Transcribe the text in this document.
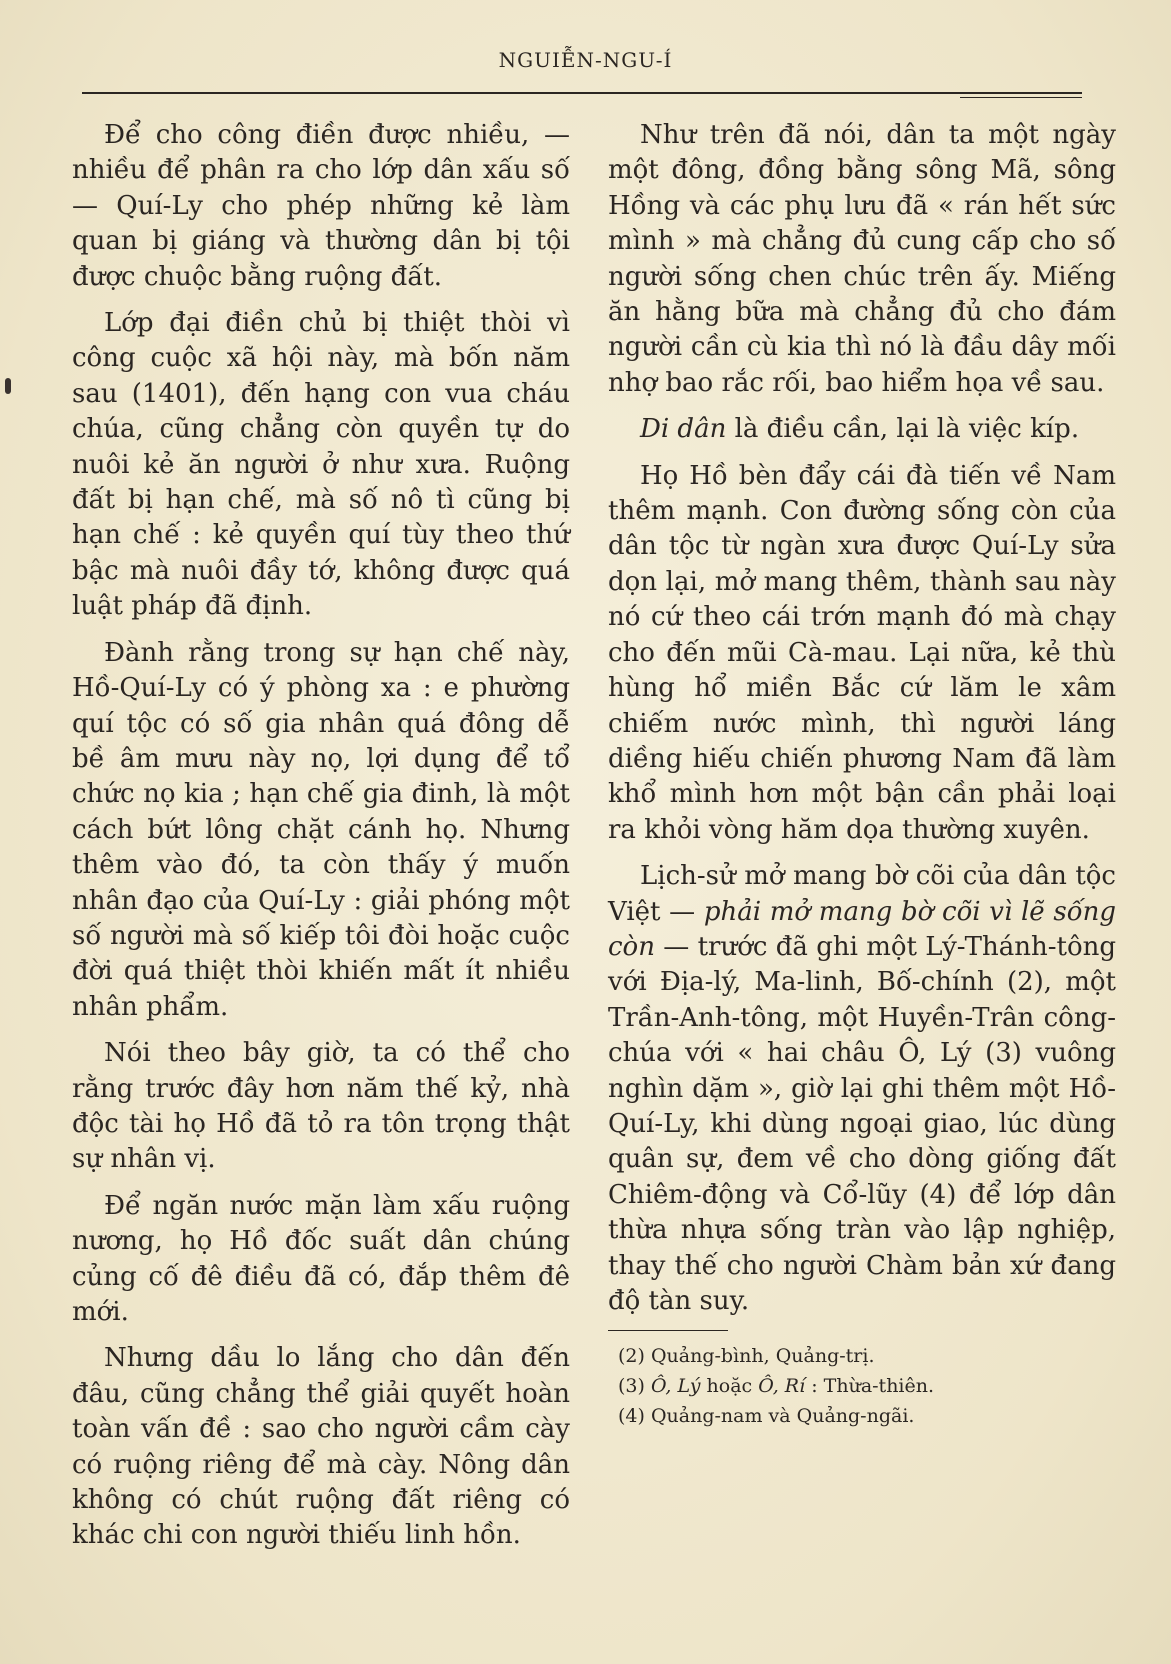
NGUIỄN-NGU-Í

Để cho công điền được nhiều, — nhiều để phân ra cho lớp dân xấu số — Quí-Ly cho phép những kẻ làm quan bị giáng và thường dân bị tội được chuộc bằng ruộng đất.

Lớp đại điền chủ bị thiệt thòi vì công cuộc xã hội này, mà bốn năm sau (1401), đến hạng con vua cháu chúa, cũng chẳng còn quyền tự do nuôi kẻ ăn người ở như xưa. Ruộng đất bị hạn chế, mà số nô tì cũng bị hạn chế : kẻ quyền quí tùy theo thứ bậc mà nuôi đầy tớ, không được quá luật pháp đã định.

Đành rằng trong sự hạn chế này, Hồ-Quí-Ly có ý phòng xa : e phường quí tộc có số gia nhân quá đông dễ bề âm mưu này nọ, lợi dụng để tổ chức nọ kia ; hạn chế gia đinh, là một cách bứt lông chặt cánh họ. Nhưng thêm vào đó, ta còn thấy ý muốn nhân đạo của Quí-Ly : giải phóng một số người mà số kiếp tôi đòi hoặc cuộc đời quá thiệt thòi khiến mất ít nhiều nhân phẩm.

Nói theo bây giờ, ta có thể cho rằng trước đây hơn năm thế kỷ, nhà độc tài họ Hồ đã tỏ ra tôn trọng thật sự nhân vị.

Để ngăn nước mặn làm xấu ruộng nương, họ Hồ đốc suất dân chúng củng cố đê điều đã có, đắp thêm đê mới.

Nhưng dầu lo lắng cho dân đến đâu, cũng chẳng thể giải quyết hoàn toàn vấn đề : sao cho người cầm cày có ruộng riêng để mà cày. Nông dân không có chút ruộng đất riêng có khác chi con người thiếu linh hồn.

Như trên đã nói, dân ta một ngày một đông, đồng bằng sông Mã, sông Hồng và các phụ lưu đã « rán hết sức mình » mà chẳng đủ cung cấp cho số người sống chen chúc trên ấy. Miếng ăn hằng bữa mà chẳng đủ cho đám người cần cù kia thì nó là đầu dây mối nhợ bao rắc rối, bao hiểm họa về sau.

Di dân là điều cần, lại là việc kíp.

Họ Hồ bèn đẩy cái đà tiến về Nam thêm mạnh. Con đường sống còn của dân tộc từ ngàn xưa được Quí-Ly sửa dọn lại, mở mang thêm, thành sau này nó cứ theo cái trớn mạnh đó mà chạy cho đến mũi Cà-mau. Lại nữa, kẻ thù hùng hổ miền Bắc cứ lăm le xâm chiếm nước mình, thì người láng diềng hiếu chiến phương Nam đã làm khổ mình hơn một bận cần phải loại ra khỏi vòng hăm dọa thường xuyên.

Lịch-sử mở mang bờ cõi của dân tộc Việt — phải mở mang bờ cõi vì lẽ sống còn — trước đã ghi một Lý-Thánh-tông với Địa-lý, Ma-linh, Bố-chính (2), một Trần-Anh-tông, một Huyền-Trân công-chúa với « hai châu Ô, Lý (3) vuông nghìn dặm », giờ lại ghi thêm một Hồ-Quí-Ly, khi dùng ngoại giao, lúc dùng quân sự, đem về cho dòng giống đất Chiêm-động và Cổ-lũy (4) để lớp dân thừa nhựa sống tràn vào lập nghiệp, thay thế cho người Chàm bản xứ đang độ tàn suy.

(2) Quảng-bình, Quảng-trị.
(3) Ô, Lý hoặc Ô, Rí : Thừa-thiên.
(4) Quảng-nam và Quảng-ngãi.
